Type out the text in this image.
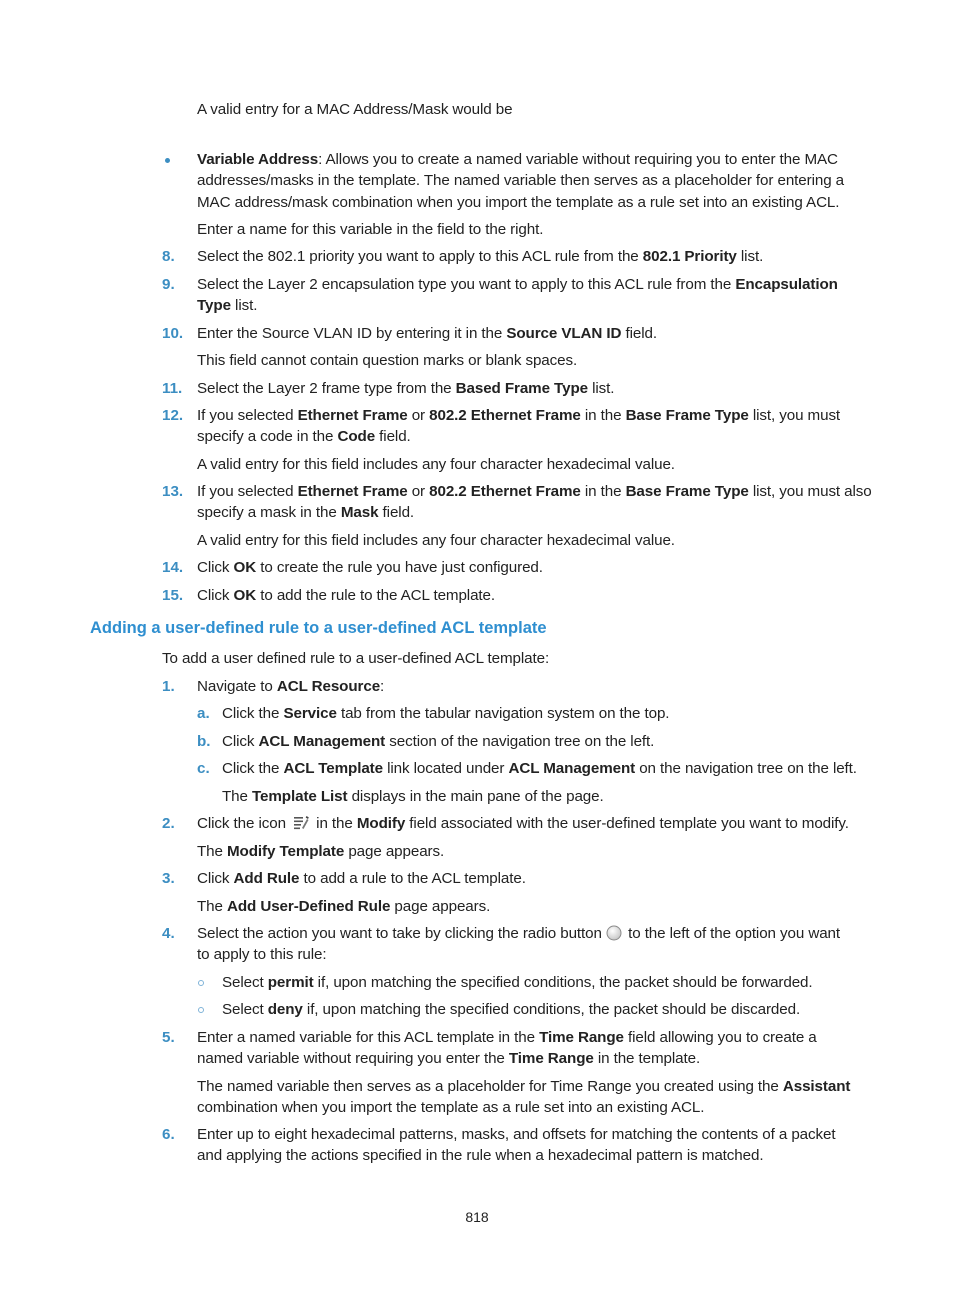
A valid entry for a MAC Address/Mask would be
Variable Address: Allows you to create a named variable without requiring you to enter the MAC
addresses/masks in the template. The named variable then serves as a placeholder for entering a
MAC address/mask combination when you import the template as a rule set into an existing ACL.
Enter a name for this variable in the field to the right.
8. Select the 802.1 priority you want to apply to this ACL rule from the 802.1 Priority list.
9. Select the Layer 2 encapsulation type you want to apply to this ACL rule from the Encapsulation
Type list.
10. Enter the Source VLAN ID by entering it in the Source VLAN ID field.
This field cannot contain question marks or blank spaces.
11. Select the Layer 2 frame type from the Based Frame Type list.
12. If you selected Ethernet Frame or 802.2 Ethernet Frame in the Base Frame Type list, you must
specify a code in the Code field.
A valid entry for this field includes any four character hexadecimal value.
13. If you selected Ethernet Frame or 802.2 Ethernet Frame in the Base Frame Type list, you must also
specify a mask in the Mask field.
A valid entry for this field includes any four character hexadecimal value.
14. Click OK to create the rule you have just configured.
15. Click OK to add the rule to the ACL template.
Adding a user-defined rule to a user-defined ACL template
To add a user defined rule to a user-defined ACL template:
1. Navigate to ACL Resource:
a. Click the Service tab from the tabular navigation system on the top.
b. Click ACL Management section of the navigation tree on the left.
c. Click the ACL Template link located under ACL Management on the navigation tree on the left.
The Template List displays in the main pane of the page.
2. Click the icon  in the Modify field associated with the user-defined template you want to modify.
The Modify Template page appears.
3. Click Add Rule to add a rule to the ACL template.
The Add User-Defined Rule page appears.
4. Select the action you want to take by clicking the radio button  to the left of the option you want
to apply to this rule:
Select permit if, upon matching the specified conditions, the packet should be forwarded.
Select deny if, upon matching the specified conditions, the packet should be discarded.
5. Enter a named variable for this ACL template in the Time Range field allowing you to create a
named variable without requiring you enter the Time Range in the template.
The named variable then serves as a placeholder for Time Range you created using the Assistant
combination when you import the template as a rule set into an existing ACL.
6. Enter up to eight hexadecimal patterns, masks, and offsets for matching the contents of a packet
and applying the actions specified in the rule when a hexadecimal pattern is matched.
818
